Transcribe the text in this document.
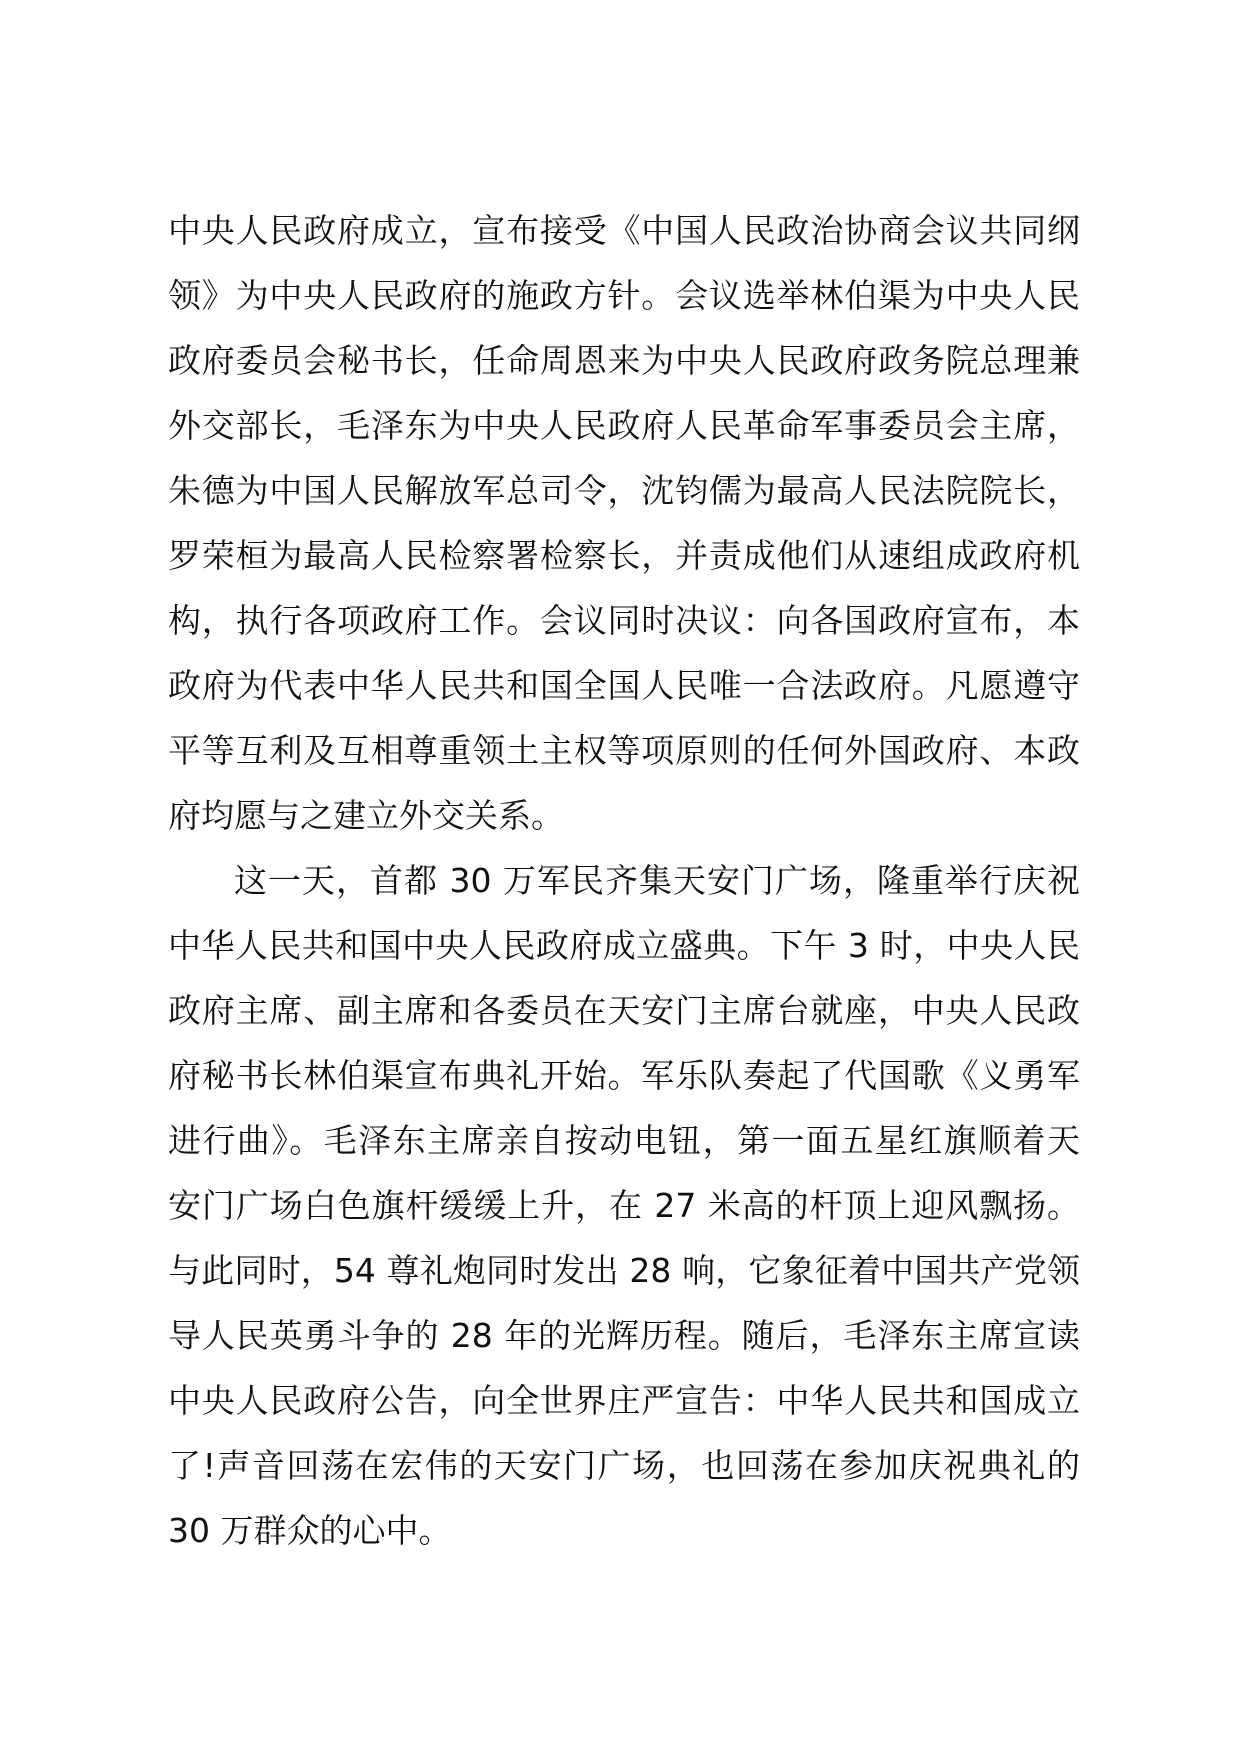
中央人民政府成立，宣布接受《中国人民政治协商会议共同纲
领》为中央人民政府的施政方针。会议选举林伯渠为中央人民
政府委员会秘书长，任命周恩来为中央人民政府政务院总理兼
外交部长，毛泽东为中央人民政府人民革命军事委员会主席，
朱德为中国人民解放军总司令，沈钧儒为最高人民法院院长，
罗荣桓为最高人民检察署检察长，并责成他们从速组成政府机
构，执行各项政府工作。会议同时决议：向各国政府宣布，本
政府为代表中华人民共和国全国人民唯一合法政府。凡愿遵守
平等互利及互相尊重领土主权等项原则的任何外国政府、本政
府均愿与之建立外交关系。
这一天，首都 30 万军民齐集天安门广场，隆重举行庆祝
中华人民共和国中央人民政府成立盛典。下午 3 时，中央人民
政府主席、副主席和各委员在天安门主席台就座，中央人民政
府秘书长林伯渠宣布典礼开始。军乐队奏起了代国歌《义勇军
进行曲》。毛泽东主席亲自按动电钮，第一面五星红旗顺着天
安门广场白色旗杆缓缓上升，在 27 米高的杆顶上迎风飘扬。
与此同时，54 尊礼炮同时发出 28 响，它象征着中国共产党领
导人民英勇斗争的 28 年的光辉历程。随后，毛泽东主席宣读
中央人民政府公告，向全世界庄严宣告：中华人民共和国成立
了!声音回荡在宏伟的天安门广场，也回荡在参加庆祝典礼的
30 万群众的心中。
